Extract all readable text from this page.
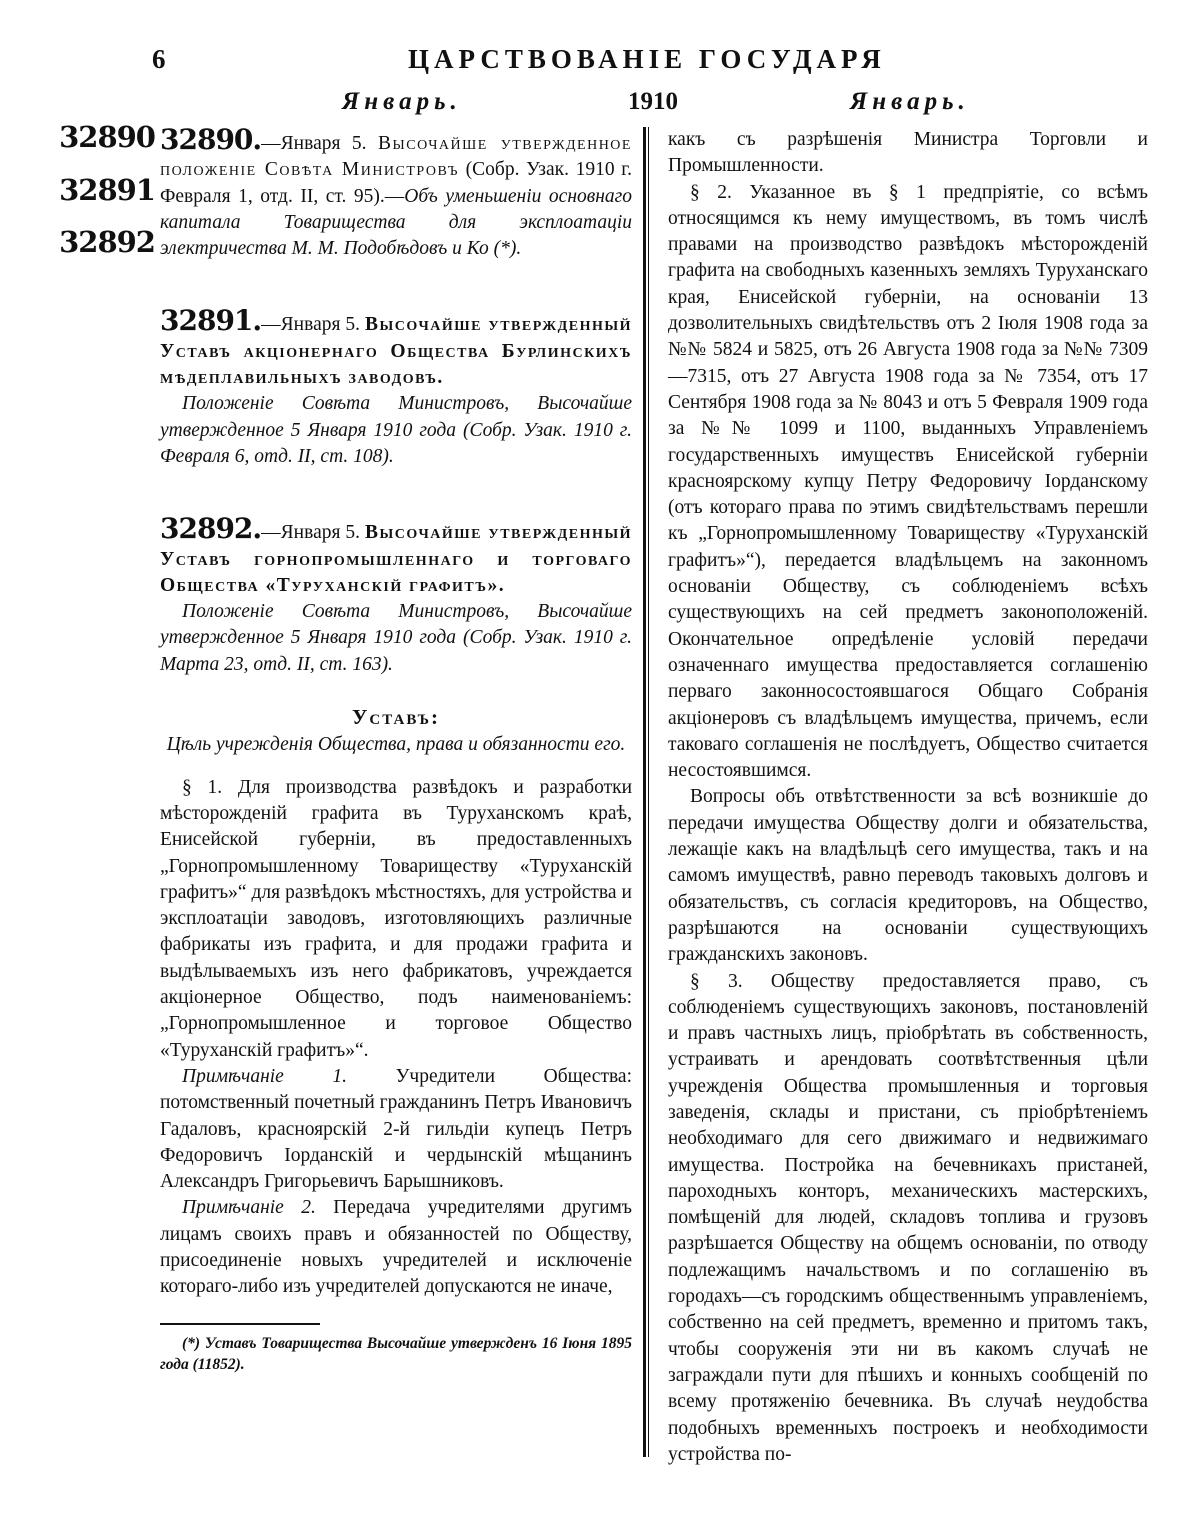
6	ЦАРСТВОВАНІЕ ГОСУДАРЯ
Январь.	1910	Январь.
32890
32891
32892

32890.—Января 5. Высочайше утвержденное положеніе Совѣта Министровъ (Собр. Узак. 1910 г. Февраля 1, отд. II, ст. 95).—Объ уменьшеніи основнаго капитала Товарищества для эксплоатаціи электричества М. М. Подобѣдовъ и Ко (*).

32891.—Января 5. Высочайше утвержденный Уставъ акціонернаго Общества Бурлинскихъ мѣдеплавильныхъ заводовъ.

Положеніе Совѣта Министровъ, Высочайше утвержденное 5 Января 1910 года (Собр. Узак. 1910 г. Февраля 6, отд. II, ст. 108).

32892.—Января 5. Высочайше утвержденный Уставъ горнопромышленнаго и торговаго Общества «Туруханскій графитъ».

Положеніе Совѣта Министровъ, Высочайше утвержденное 5 Января 1910 года (Собр. Узак. 1910 г. Марта 23, отд. II, ст. 163).

Уставъ:

Цѣль учрежденія Общества, права и обязанности его.

§ 1. Для производства развѣдокъ и разработки мѣсторожденій графита въ Туруханскомъ краѣ, Енисейской губерніи, въ предоставленныхъ „Горнопромышленному Товариществу «Туруханскій графитъ»“ для развѣдокъ мѣстностяхъ, для устройства и эксплоатаціи заводовъ, изготовляющихъ различные фабрикаты изъ графита, и для продажи графита и выдѣлываемыхъ изъ него фабрикатовъ, учреждается акціонерное Общество, подъ наименованіемъ: „Горнопромышленное и торговое Общество «Туруханскій графитъ»“.

Примѣчаніе 1. Учредители Общества: потомственный почетный гражданинъ Петръ Ивановичъ Гадаловъ, красноярскій 2-й гильдіи купецъ Петръ Федоровичъ Іорданскій и чердынскій мѣщанинъ Александръ Григорьевичъ Барышниковъ.

Примѣчаніе 2. Передача учредителями другимъ лицамъ своихъ правъ и обязанностей по Обществу, присоединеніе новыхъ учредителей и исключеніе котораго-либо изъ учредителей допускаются не иначе,

(*) Уставъ Товарищества Высочайше утвержденъ 16 Іюня 1895 года (11852).

какъ съ разрѣшенія Министра Торговли и Промышленности.

§ 2. Указанное въ § 1 предпріятіе, со всѣмъ относящимся къ нему имуществомъ, въ томъ числѣ правами на производство развѣдокъ мѣсторожденій графита на свободныхъ казенныхъ земляхъ Туруханскаго края, Енисейской губерніи, на основаніи 13 дозволительныхъ свидѣтельствъ отъ 2 Іюля 1908 года за №№ 5824 и 5825, отъ 26 Августа 1908 года за №№ 7309—7315, отъ 27 Августа 1908 года за № 7354, отъ 17 Сентября 1908 года за № 8043 и отъ 5 Февраля 1909 года за №№ 1099 и 1100, выданныхъ Управленіемъ государственныхъ имуществъ Енисейской губерніи красноярскому купцу Петру Федоровичу Іорданскому (отъ котораго права по этимъ свидѣтельствамъ перешли къ „Горнопромышленному Товариществу «Туруханскій графитъ»“), передается владѣльцемъ на законномъ основаніи Обществу, съ соблюденіемъ всѣхъ существующихъ на сей предметъ законоположеній. Окончательное опредѣленіе условій передачи означеннаго имущества предоставляется соглашенію перваго законносостоявшагося Общаго Собранія акціонеровъ съ владѣльцемъ имущества, причемъ, если таковаго соглашенія не послѣдуетъ, Общество считается несостоявшимся.

Вопросы объ отвѣтственности за всѣ возникшіе до передачи имущества Обществу долги и обязательства, лежащіе какъ на владѣльцѣ сего имущества, такъ и на самомъ имуществѣ, равно переводъ таковыхъ долговъ и обязательствъ, съ согласія кредиторовъ, на Общество, разрѣшаются на основаніи существующихъ гражданскихъ законовъ.

§ 3. Обществу предоставляется право, съ соблюденіемъ существующихъ законовъ, постановленій и правъ частныхъ лицъ, пріобрѣтать въ собственность, устраивать и арендовать соотвѣтственныя цѣли учрежденія Общества промышленныя и торговыя заведенія, склады и пристани, съ пріобрѣтеніемъ необходимаго для сего движимаго и недвижимаго имущества. Постройка на бечевникахъ пристаней, пароходныхъ конторъ, механическихъ мастерскихъ, помѣщеній для людей, складовъ топлива и грузовъ разрѣшается Обществу на общемъ основаніи, по отводу подлежащимъ начальствомъ и по соглашенію въ городахъ—съ городскимъ общественнымъ управленіемъ, собственно на сей предметъ, временно и притомъ такъ, чтобы сооруженія эти ни въ какомъ случаѣ не заграждали пути для пѣшихъ и конныхъ сообщеній по всему протяженію бечевника. Въ случаѣ неудобства подобныхъ временныхъ построекъ и необходимости устройства по-
